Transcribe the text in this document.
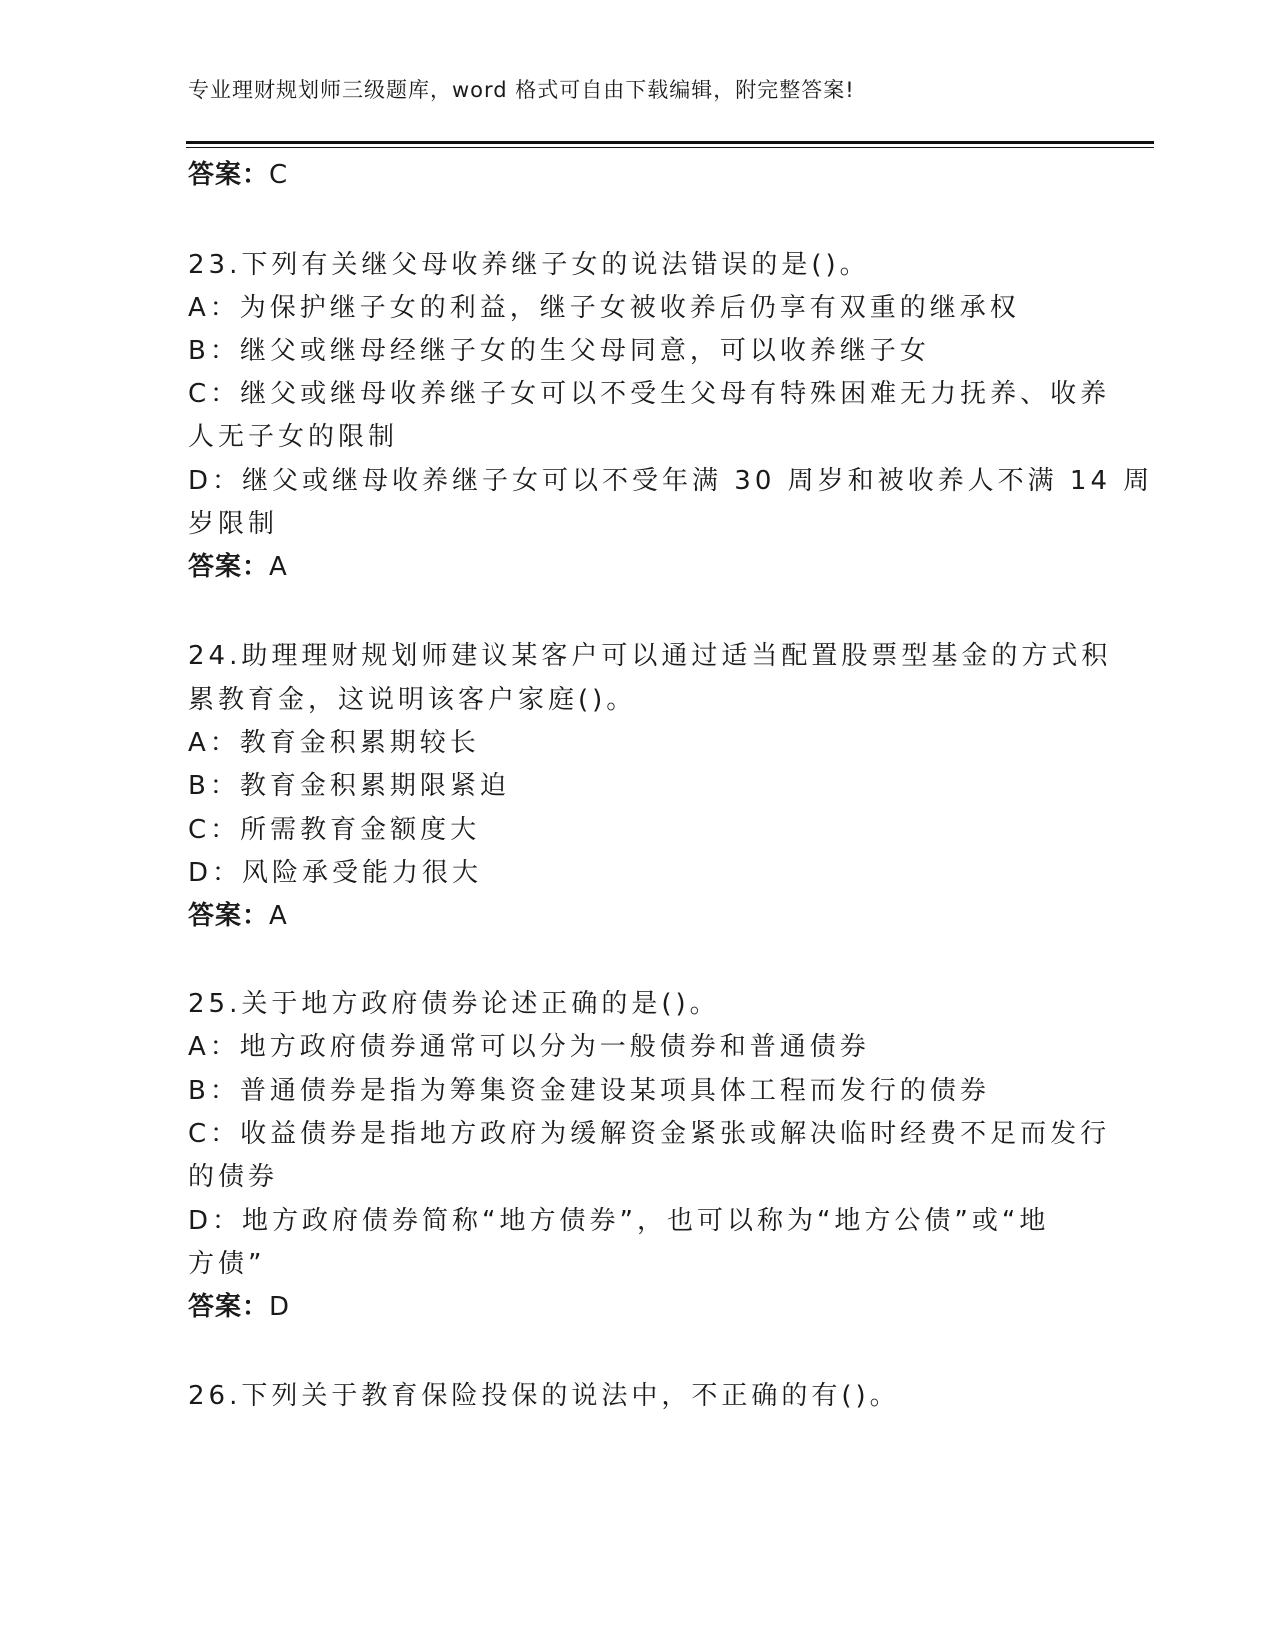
专业理财规划师三级题库，word 格式可自由下载编辑，附完整答案!
答案：C
23.下列有关继父母收养继子女的说法错误的是()。
A：为保护继子女的利益，继子女被收养后仍享有双重的继承权
B：继父或继母经继子女的生父母同意，可以收养继子女
C：继父或继母收养继子女可以不受生父母有特殊困难无力抚养、收养
人无子女的限制
D：继父或继母收养继子女可以不受年满 30 周岁和被收养人不满 14 周
岁限制
答案：A
24.助理理财规划师建议某客户可以通过适当配置股票型基金的方式积
累教育金，这说明该客户家庭()。
A：教育金积累期较长
B：教育金积累期限紧迫
C：所需教育金额度大
D：风险承受能力很大
答案：A
25.关于地方政府债券论述正确的是()。
A：地方政府债券通常可以分为一般债券和普通债券
B：普通债券是指为筹集资金建设某项具体工程而发行的债券
C：收益债券是指地方政府为缓解资金紧张或解决临时经费不足而发行
的债券
D：地方政府债券简称“地方债券”，也可以称为“地方公债”或“地
方债”
答案：D
26.下列关于教育保险投保的说法中，不正确的有()。
